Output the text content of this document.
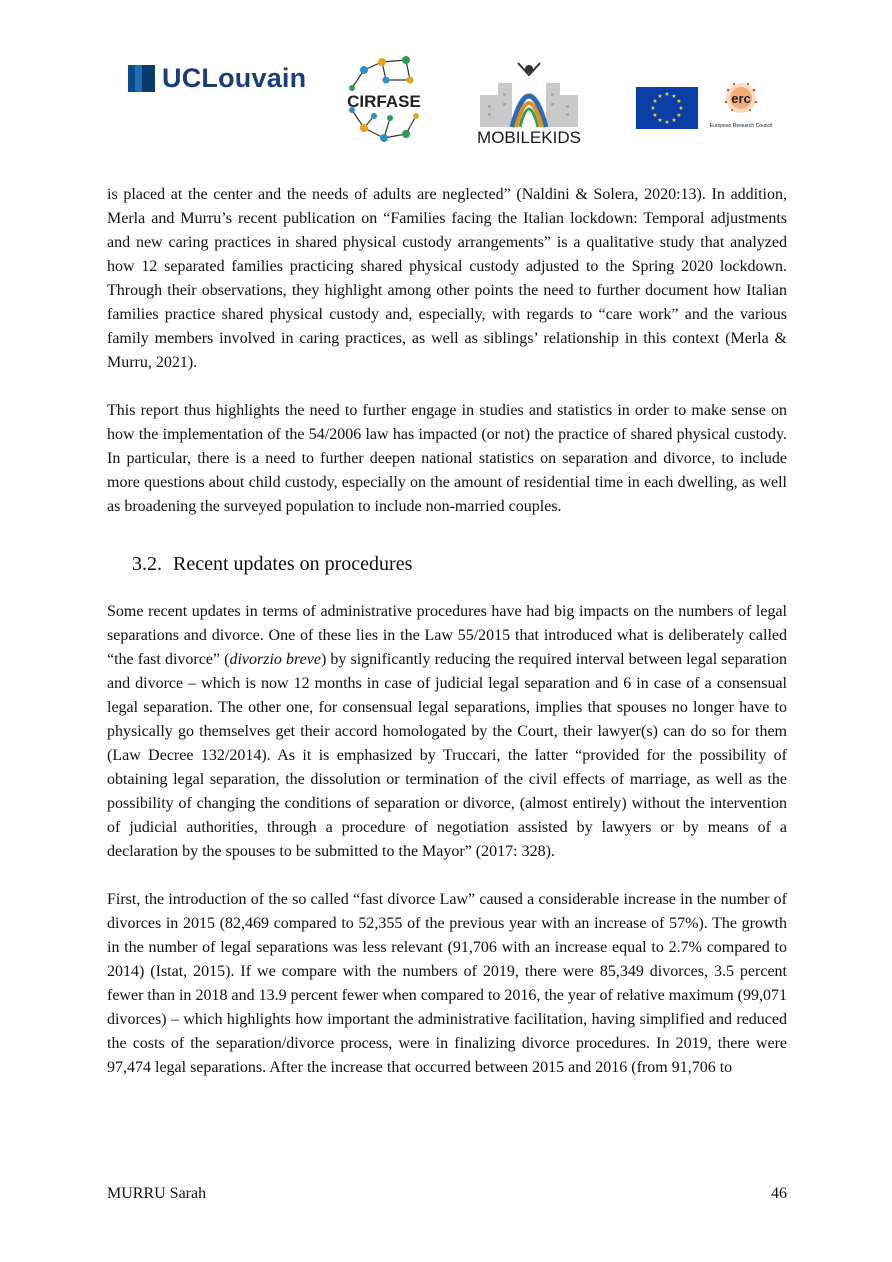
UCLouvain
CIRFASE
MOBILEKIDS
★ ★
★
★
★
★
★
★
★
★
★
★	erc
European Research Council

is placed at the center and the needs of adults are neglected” (Naldini & Solera, 2020:13). In addition, Merla and Murru’s recent publication on “Families facing the Italian lockdown: Temporal adjustments and new caring practices in shared physical custody arrangements” is a qualitative study that analyzed how 12 separated families practicing shared physical custody adjusted to the Spring 2020 lockdown. Through their observations, they highlight among other points the need to further document how Italian families practice shared physical custody and, especially, with regards to “care work” and the various family members involved in caring practices, as well as siblings’ relationship in this context (Merla & Murru, 2021).

This report thus highlights the need to further engage in studies and statistics in order to make sense on how the implementation of the 54/2006 law has impacted (or not) the practice of shared physical custody. In particular, there is a need to further deepen national statistics on separation and divorce, to include more questions about child custody, especially on the amount of residential time in each dwelling, as well as broadening the surveyed population to include non-married couples.

3.2. Recent updates on procedures

Some recent updates in terms of administrative procedures have had big impacts on the numbers of legal separations and divorce. One of these lies in the Law 55/2015 that introduced what is deliberately called “the fast divorce” (divorzio breve) by significantly reducing the required interval between legal separation and divorce – which is now 12 months in case of judicial legal separation and 6 in case of a consensual legal separation. The other one, for consensual legal separations, implies that spouses no longer have to physically go themselves get their accord homologated by the Court, their lawyer(s) can do so for them (Law Decree 132/2014). As it is emphasized by Truccari, the latter “provided for the possibility of obtaining legal separation, the dissolution or termination of the civil effects of marriage, as well as the possibility of changing the conditions of separation or divorce, (almost entirely) without the intervention of judicial authorities, through a procedure of negotiation assisted by lawyers or by means of a declaration by the spouses to be submitted to the Mayor” (2017: 328).

First, the introduction of the so called “fast divorce Law” caused a considerable increase in the number of divorces in 2015 (82,469 compared to 52,355 of the previous year with an increase of 57%). The growth in the number of legal separations was less relevant (91,706 with an increase equal to 2.7% compared to 2014) (Istat, 2015). If we compare with the numbers of 2019, there were 85,349 divorces, 3.5 percent fewer than in 2018 and 13.9 percent fewer when compared to 2016, the year of relative maximum (99,071 divorces) – which highlights how important the administrative facilitation, having simplified and reduced the costs of the separation/divorce process, were in finalizing divorce procedures. In 2019, there were 97,474 legal separations. After the increase that occurred between 2015 and 2016 (from 91,706 to

MURRU Sarah	46
